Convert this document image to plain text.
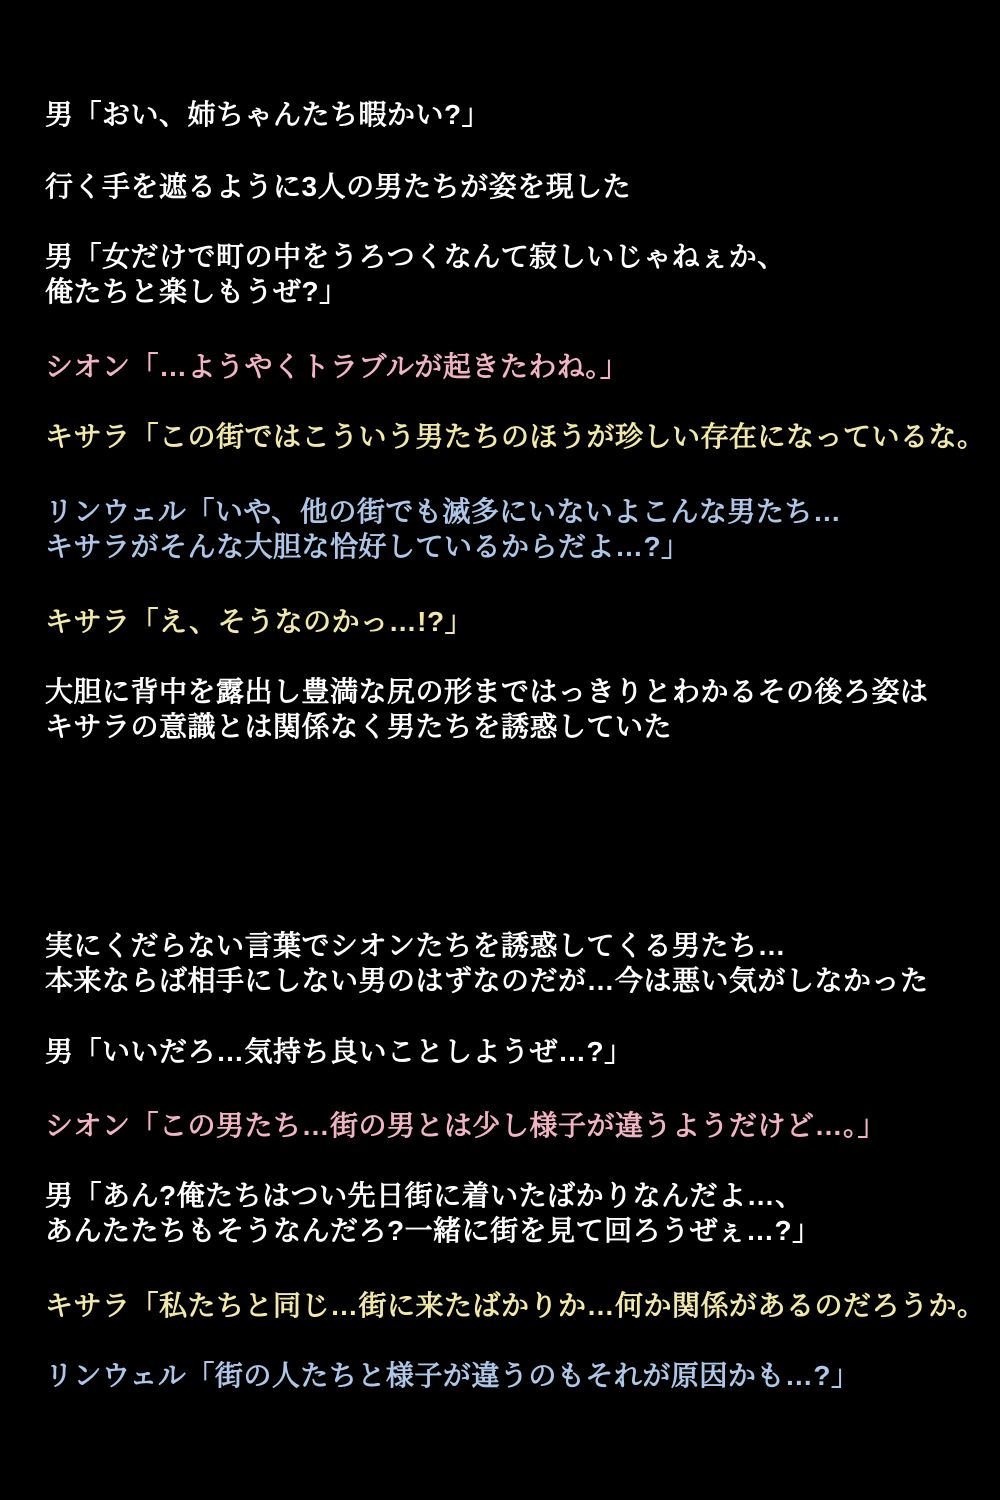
男「おい、姉ちゃんたち暇かい?」

行く手を遮るように3人の男たちが姿を現した

男「女だけで町の中をうろつくなんて寂しいじゃねぇか、

俺たちと楽しもうぜ?」

シオン「…ようやくトラブルが起きたわね。」

キサラ「この街ではこういう男たちのほうが珍しい存在になっているな。

リンウェル「いや、他の街でも滅多にいないよこんな男たち…

キサラがそんな大胆な恰好しているからだよ…?」

キサラ「え、そうなのかっ…!?」

大胆に背中を露出し豊満な尻の形まではっきりとわかるその後ろ姿は

キサラの意識とは関係なく男たちを誘惑していた

実にくだらない言葉でシオンたちを誘惑してくる男たち…

本来ならば相手にしない男のはずなのだが…今は悪い気がしなかった

男「いいだろ…気持ち良いことしようぜ…?」

シオン「この男たち…街の男とは少し様子が違うようだけど…。」

男「あん?俺たちはつい先日街に着いたばかりなんだよ…、

あんたたちもそうなんだろ?一緒に街を見て回ろうぜぇ…?」

キサラ「私たちと同じ…街に来たばかりか…何か関係があるのだろうか。

リンウェル「街の人たちと様子が違うのもそれが原因かも…?」
